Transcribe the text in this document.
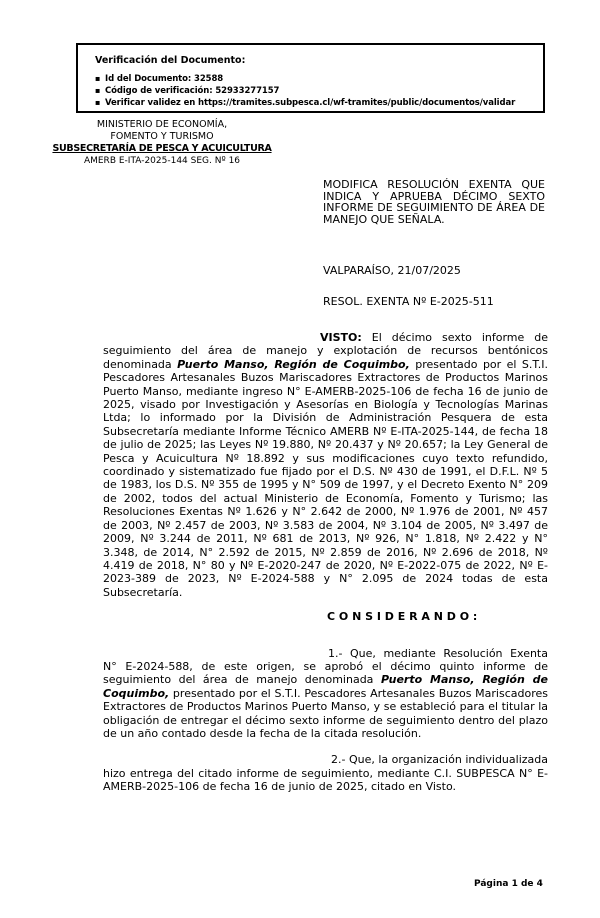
Verificación del Documento:
▪ Id del Documento: 32588
▪ Código de verificación: 52933277157
▪ Verificar validez en https://tramites.subpesca.cl/wf-tramites/public/documentos/validar
MINISTERIO DE ECONOMÍA,
FOMENTO Y TURISMO
SUBSECRETARÍA DE PESCA Y ACUICULTURA
AMERB E-ITA-2025-144 SEG. Nº 16

MODIFICA RESOLUCIÓN EXENTA QUE INDICA Y APRUEBA DÉCIMO SEXTO INFORME DE SEGUIMIENTO DE ÁREA DE MANEJO QUE SEÑALA.

VALPARAÍSO, 21/07/2025

RESOL. EXENTA Nº E-2025-511

VISTO: El décimo sexto informe de seguimiento del área de manejo y explotación de recursos bentónicos denominada Puerto Manso, Región de Coquimbo, presentado por el S.T.I. Pescadores Artesanales Buzos Mariscadores Extractores de Productos Marinos Puerto Manso, mediante ingreso N° E-AMERB-2025-106 de fecha 16 de junio de 2025, visado por Investigación y Asesorías en Biología y Tecnologías Marinas Ltda; lo informado por la División de Administración Pesquera de esta Subsecretaría mediante Informe Técnico AMERB Nº E-ITA-2025-144, de fecha 18 de julio de 2025; las Leyes Nº 19.880, Nº 20.437 y Nº 20.657; la Ley General de Pesca y Acuicultura Nº 18.892 y sus modificaciones cuyo texto refundido, coordinado y sistematizado fue fijado por el D.S. Nº 430 de 1991, el D.F.L. Nº 5 de 1983, los D.S. Nº 355 de 1995 y N° 509 de 1997, y el Decreto Exento N° 209 de 2002, todos del actual Ministerio de Economía, Fomento y Turismo; las Resoluciones Exentas Nº 1.626 y N° 2.642 de 2000, Nº 1.976 de 2001, Nº 457 de 2003, Nº 2.457 de 2003, Nº 3.583 de 2004, Nº 3.104 de 2005, Nº 3.497 de 2009, Nº 3.244 de 2011, Nº 681 de 2013, Nº 926, N° 1.818, Nº 2.422 y N° 3.348, de 2014, N° 2.592 de 2015, Nº 2.859 de 2016, Nº 2.696 de 2018, Nº 4.419 de 2018, N° 80 y Nº E-2020-247 de 2020, Nº E-2022-075 de 2022, Nº E-2023-389 de 2023, Nº E-2024-588 y N° 2.095 de 2024 todas de esta Subsecretaría.

C O N S I D E R A N D O :

1.- Que, mediante Resolución Exenta N° E-2024-588, de este origen, se aprobó el décimo quinto informe de seguimiento del área de manejo denominada Puerto Manso, Región de Coquimbo, presentado por el S.T.I. Pescadores Artesanales Buzos Mariscadores Extractores de Productos Marinos Puerto Manso, y se estableció para el titular la obligación de entregar el décimo sexto informe de seguimiento dentro del plazo de un año contado desde la fecha de la citada resolución.

2.- Que, la organización individualizada hizo entrega del citado informe de seguimiento, mediante C.I. SUBPESCA N° E-AMERB-2025-106 de fecha 16 de junio de 2025, citado en Visto.

Página 1 de 4
